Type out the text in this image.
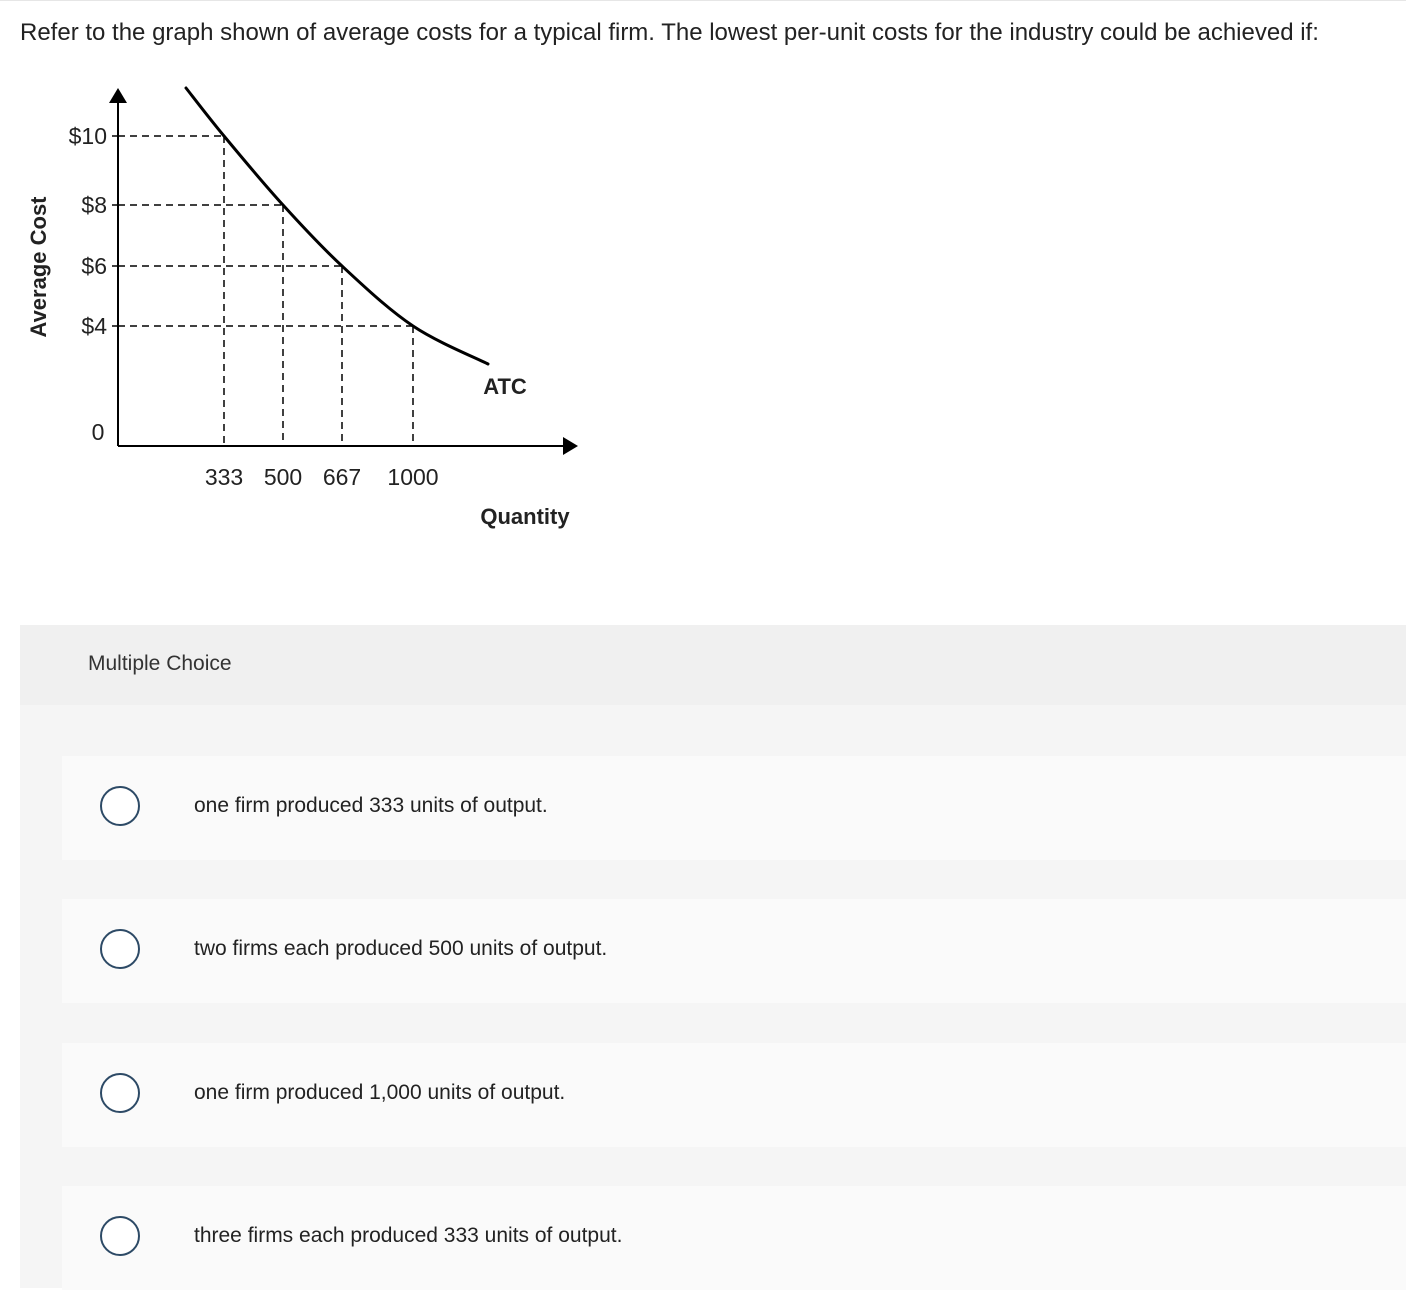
Refer to the graph shown of average costs for a typical firm. The lowest per-unit costs for the industry could be achieved if:
$10
$8
$6
$4
333 500 667 1000
0
ATC
Quantity
Average Cost
Multiple Choice
one firm produced 333 units of output.
two firms each produced 500 units of output.
one firm produced 1,000 units of output.
three firms each produced 333 units of output.
